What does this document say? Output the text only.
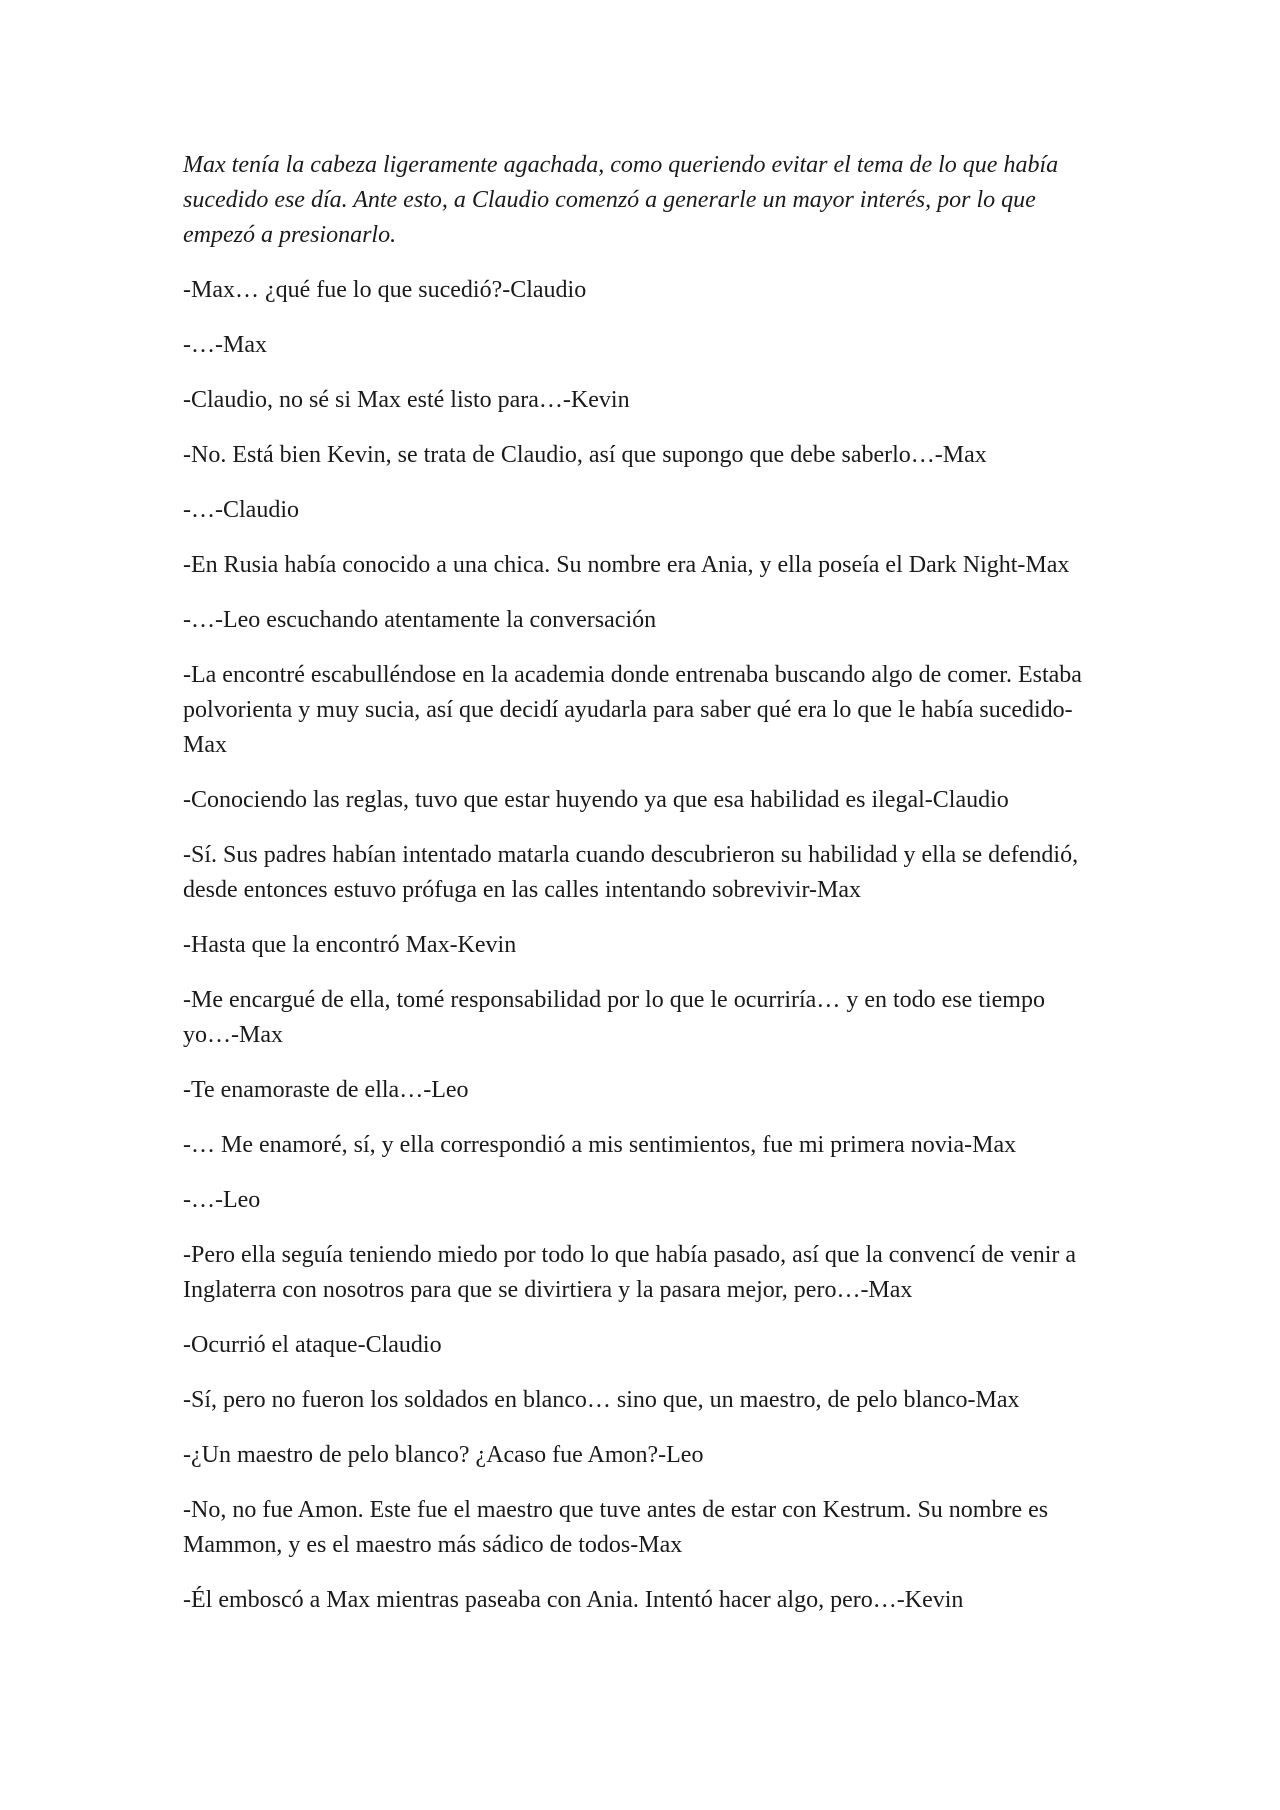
Max tenía la cabeza ligeramente agachada, como queriendo evitar el tema de lo que había sucedido ese día. Ante esto, a Claudio comenzó a generarle un mayor interés, por lo que empezó a presionarlo.

-Max… ¿qué fue lo que sucedió?-Claudio

-…-Max

-Claudio, no sé si Max esté listo para…-Kevin

-No. Está bien Kevin, se trata de Claudio, así que supongo que debe saberlo…-Max

-…-Claudio

-En Rusia había conocido a una chica. Su nombre era Ania, y ella poseía el Dark Night-Max

-…-Leo escuchando atentamente la conversación

-La encontré escabulléndose en la academia donde entrenaba buscando algo de comer. Estaba polvorienta y muy sucia, así que decidí ayudarla para saber qué era lo que le había sucedido-Max

-Conociendo las reglas, tuvo que estar huyendo ya que esa habilidad es ilegal-Claudio

-Sí. Sus padres habían intentado matarla cuando descubrieron su habilidad y ella se defendió, desde entonces estuvo prófuga en las calles intentando sobrevivir-Max

-Hasta que la encontró Max-Kevin

-Me encargué de ella, tomé responsabilidad por lo que le ocurriría… y en todo ese tiempo yo…-Max

-Te enamoraste de ella…-Leo

-… Me enamoré, sí, y ella correspondió a mis sentimientos, fue mi primera novia-Max

-…-Leo

-Pero ella seguía teniendo miedo por todo lo que había pasado, así que la convencí de venir a Inglaterra con nosotros para que se divirtiera y la pasara mejor, pero…-Max

-Ocurrió el ataque-Claudio

-Sí, pero no fueron los soldados en blanco… sino que, un maestro, de pelo blanco-Max

-¿Un maestro de pelo blanco? ¿Acaso fue Amon?-Leo

-No, no fue Amon. Este fue el maestro que tuve antes de estar con Kestrum. Su nombre es Mammon, y es el maestro más sádico de todos-Max

-Él emboscó a Max mientras paseaba con Ania. Intentó hacer algo, pero…-Kevin
